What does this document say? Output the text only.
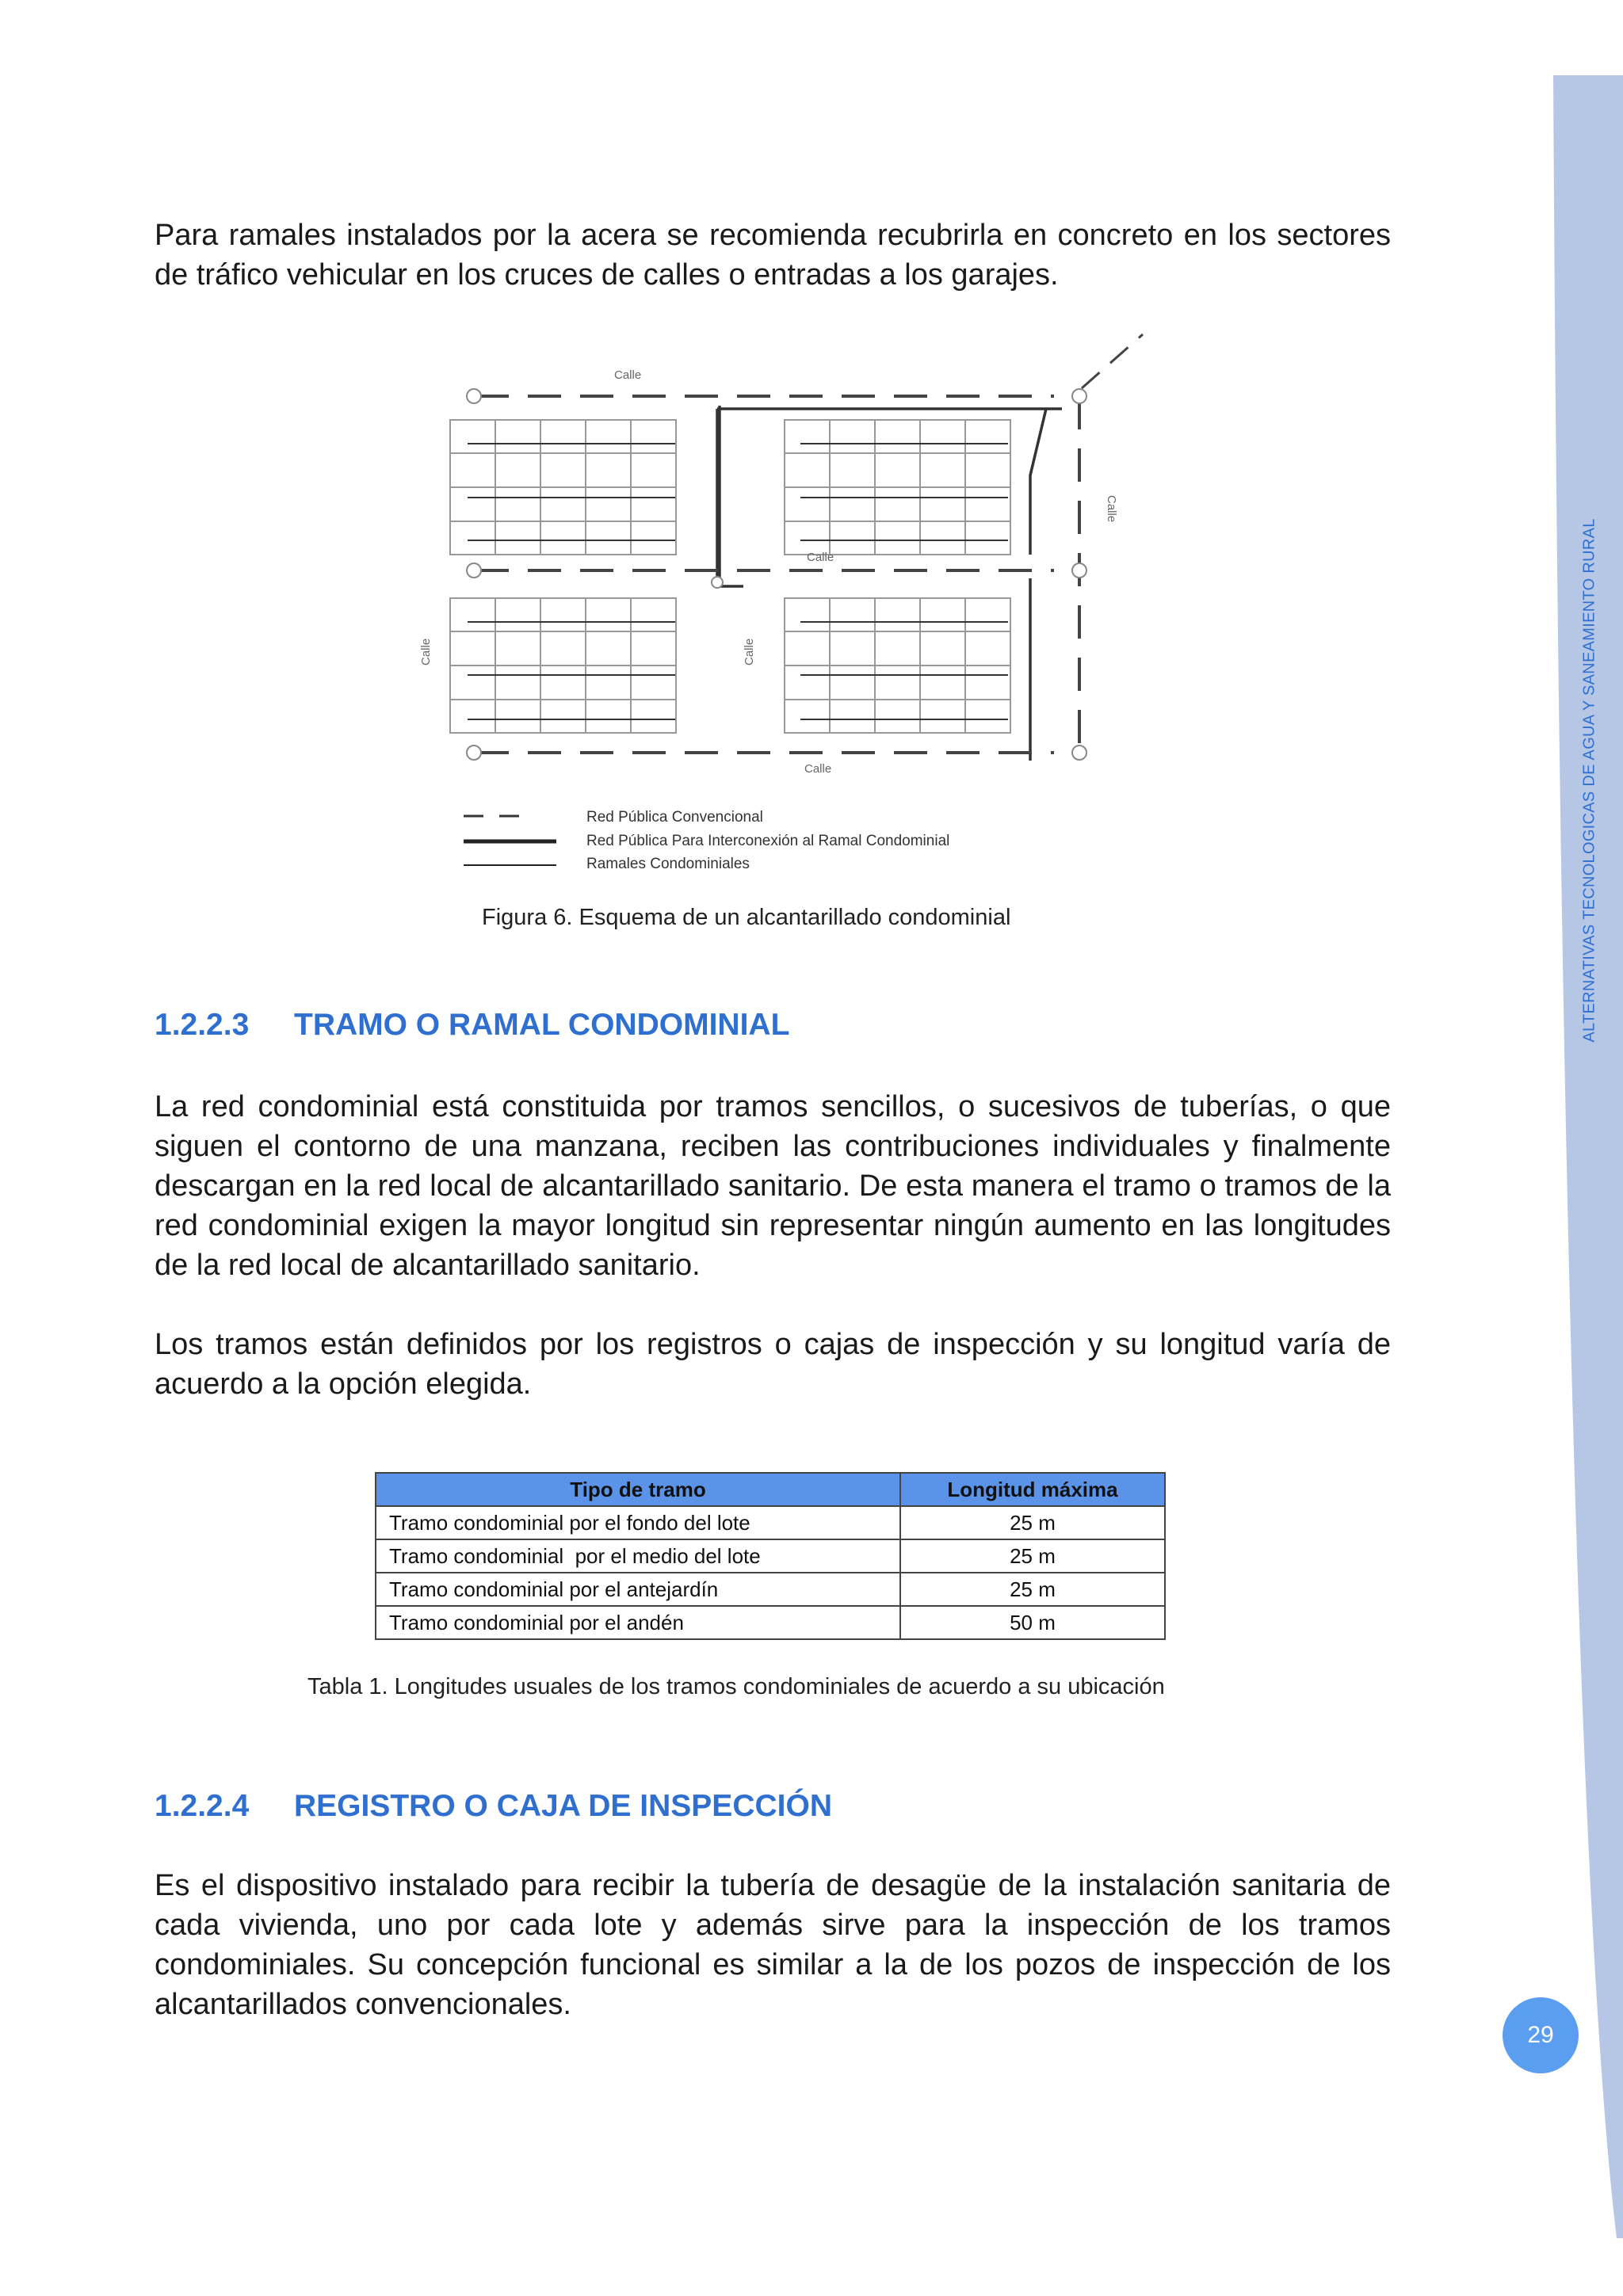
ALTERNATIVAS TECNOLOGICAS DE AGUA Y SANEAMIENTO RURAL
29

Para ramales instalados por la acera se recomienda recubrirla en concreto en los sectores de tráfico vehicular en los cruces de calles o entradas a los garajes.

Calle
Calle
Calle
Calle
Calle	Calle
Red Pública Convencional
Red Pública Para Interconexión al Ramal Condominial
Ramales Condominiales

Figura 6. Esquema de un alcantarillado condominial

1.2.2.3 TRAMO O RAMAL CONDOMINIAL

La red condominial está constituida por tramos sencillos, o sucesivos de tuberías, o que siguen el contorno de una manzana, reciben las contribuciones individuales y finalmente descargan en la red local de alcantarillado sanitario. De esta manera el tramo o tramos de la red condominial exigen la mayor longitud sin representar ningún aumento en las longitudes de la red local de alcantarillado sanitario.

Los tramos están definidos por los registros o cajas de inspección y su longitud varía de acuerdo a la opción elegida.

Tipo de tramo	Longitud máxima
Tramo condominial por el fondo del lote	25 m
Tramo condominial  por el medio del lote	25 m
Tramo condominial por el antejardín	25 m
Tramo condominial por el andén	50 m

Tabla 1. Longitudes usuales de los tramos condominiales de acuerdo a su ubicación

1.2.2.4 REGISTRO O CAJA DE INSPECCIÓN

Es el dispositivo instalado para recibir la tubería de desagüe de la instalación sanitaria de cada vivienda, uno por cada lote y además sirve para la inspección de los tramos condominiales. Su concepción funcional es similar a la de los pozos de inspección de los alcantarillados convencionales.
